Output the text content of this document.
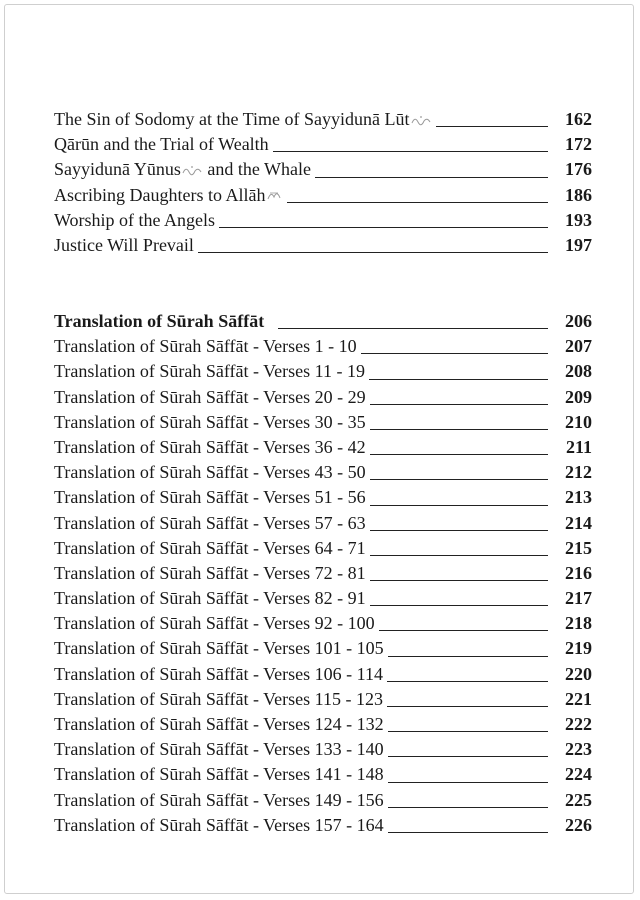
The Sin of Sodomy at the Time of Sayyidunā Lūt	162
Qārūn and the Trial of Wealth	172
Sayyidunā Yūnus and the Whale	176
Ascribing Daughters to Allāh	186
Worship of the Angels	193
Justice Will Prevail	197
Translation of Sūrah Sāffāt	206
Translation of Sūrah Sāffāt - Verses 1 - 10	207
Translation of Sūrah Sāffāt - Verses 11 - 19	208
Translation of Sūrah Sāffāt - Verses 20 - 29	209
Translation of Sūrah Sāffāt - Verses 30 - 35	210
Translation of Sūrah Sāffāt - Verses 36 - 42	211
Translation of Sūrah Sāffāt - Verses 43 - 50	212
Translation of Sūrah Sāffāt - Verses 51 - 56	213
Translation of Sūrah Sāffāt - Verses 57 - 63	214
Translation of Sūrah Sāffāt - Verses 64 - 71	215
Translation of Sūrah Sāffāt - Verses 72 - 81	216
Translation of Sūrah Sāffāt - Verses 82 - 91	217
Translation of Sūrah Sāffāt - Verses 92 - 100	218
Translation of Sūrah Sāffāt - Verses 101 - 105	219
Translation of Sūrah Sāffāt - Verses 106 - 114	220
Translation of Sūrah Sāffāt - Verses 115 - 123	221
Translation of Sūrah Sāffāt - Verses 124 - 132	222
Translation of Sūrah Sāffāt - Verses 133 - 140	223
Translation of Sūrah Sāffāt - Verses 141 - 148	224
Translation of Sūrah Sāffāt - Verses 149 - 156	225
Translation of Sūrah Sāffāt - Verses 157 - 164	226
